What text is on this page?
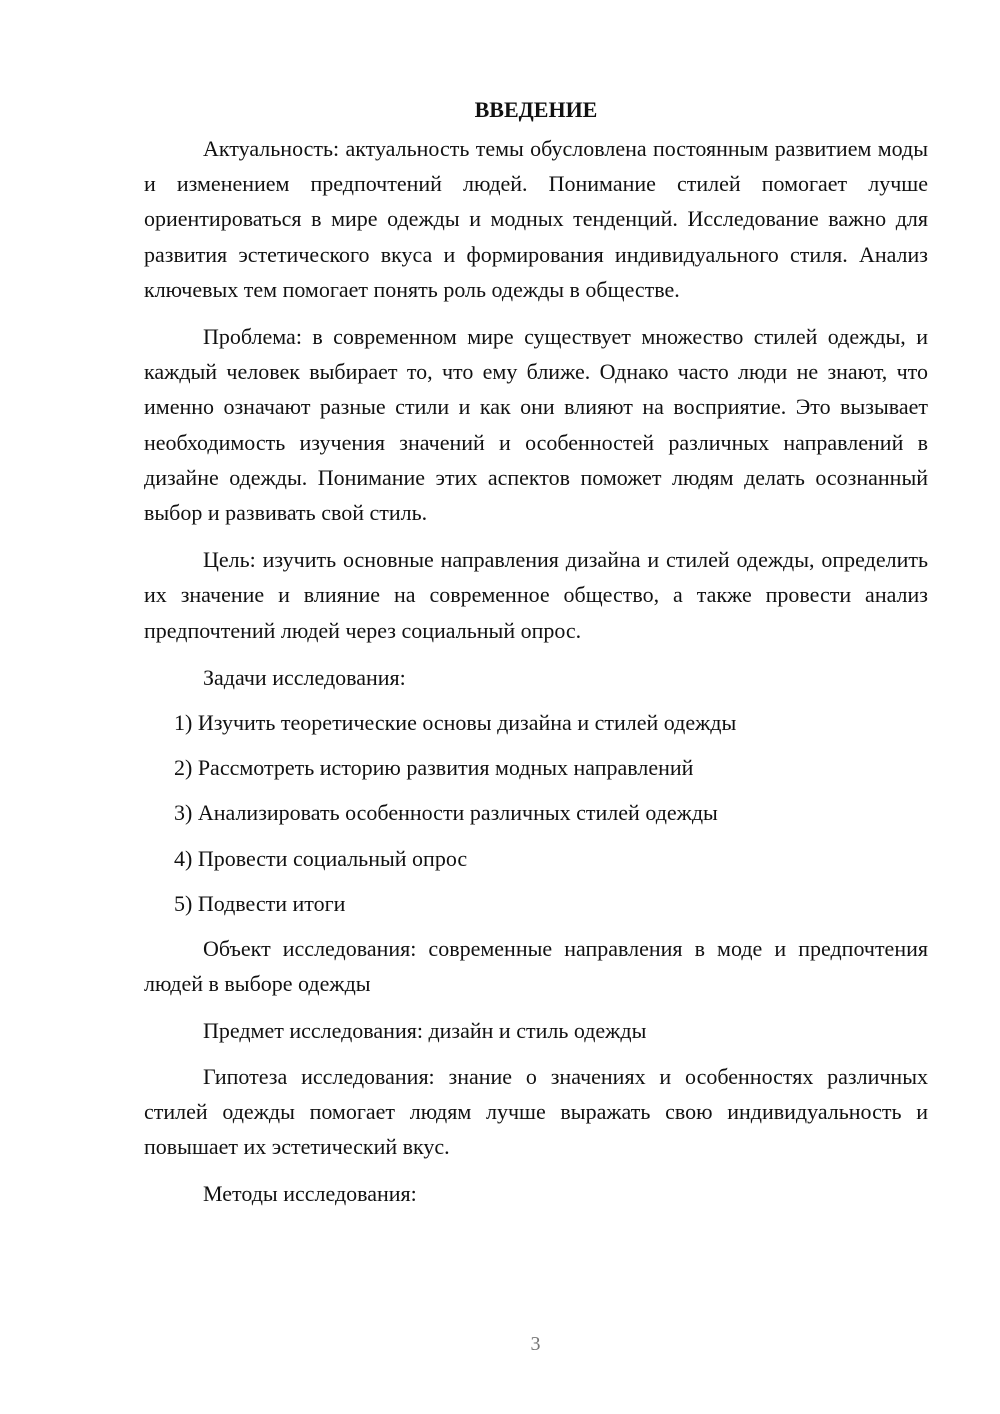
ВВЕДЕНИЕ

Актуальность: актуальность темы обусловлена постоянным развитием моды и изменением предпочтений людей. Понимание стилей помогает лучше ориентироваться в мире одежды и модных тенденций. Исследование важно для развития эстетического вкуса и формирования индивидуального стиля. Анализ ключевых тем помогает понять роль одежды в обществе.

Проблема: в современном мире существует множество стилей одежды, и каждый человек выбирает то, что ему ближе. Однако часто люди не знают, что именно означают разные стили и как они влияют на восприятие. Это вызывает необходимость изучения значений и особенностей различных направлений в дизайне одежды. Понимание этих аспектов поможет людям делать осознанный выбор и развивать свой стиль.

Цель: изучить основные направления дизайна и стилей одежды, определить их значение и влияние на современное общество, а также провести анализ предпочтений людей через социальный опрос.

Задачи исследования:

1) Изучить теоретические основы дизайна и стилей одежды

2) Рассмотреть историю развития модных направлений

3) Анализировать особенности различных стилей одежды

4) Провести социальный опрос

5) Подвести итоги

Объект исследования: современные направления в моде и предпочтения людей в выборе одежды

Предмет исследования: дизайн и стиль одежды

Гипотеза исследования: знание о значениях и особенностях различных стилей одежды помогает людям лучше выражать свою индивидуальность и повышает их эстетический вкус.

Методы исследования:

3
